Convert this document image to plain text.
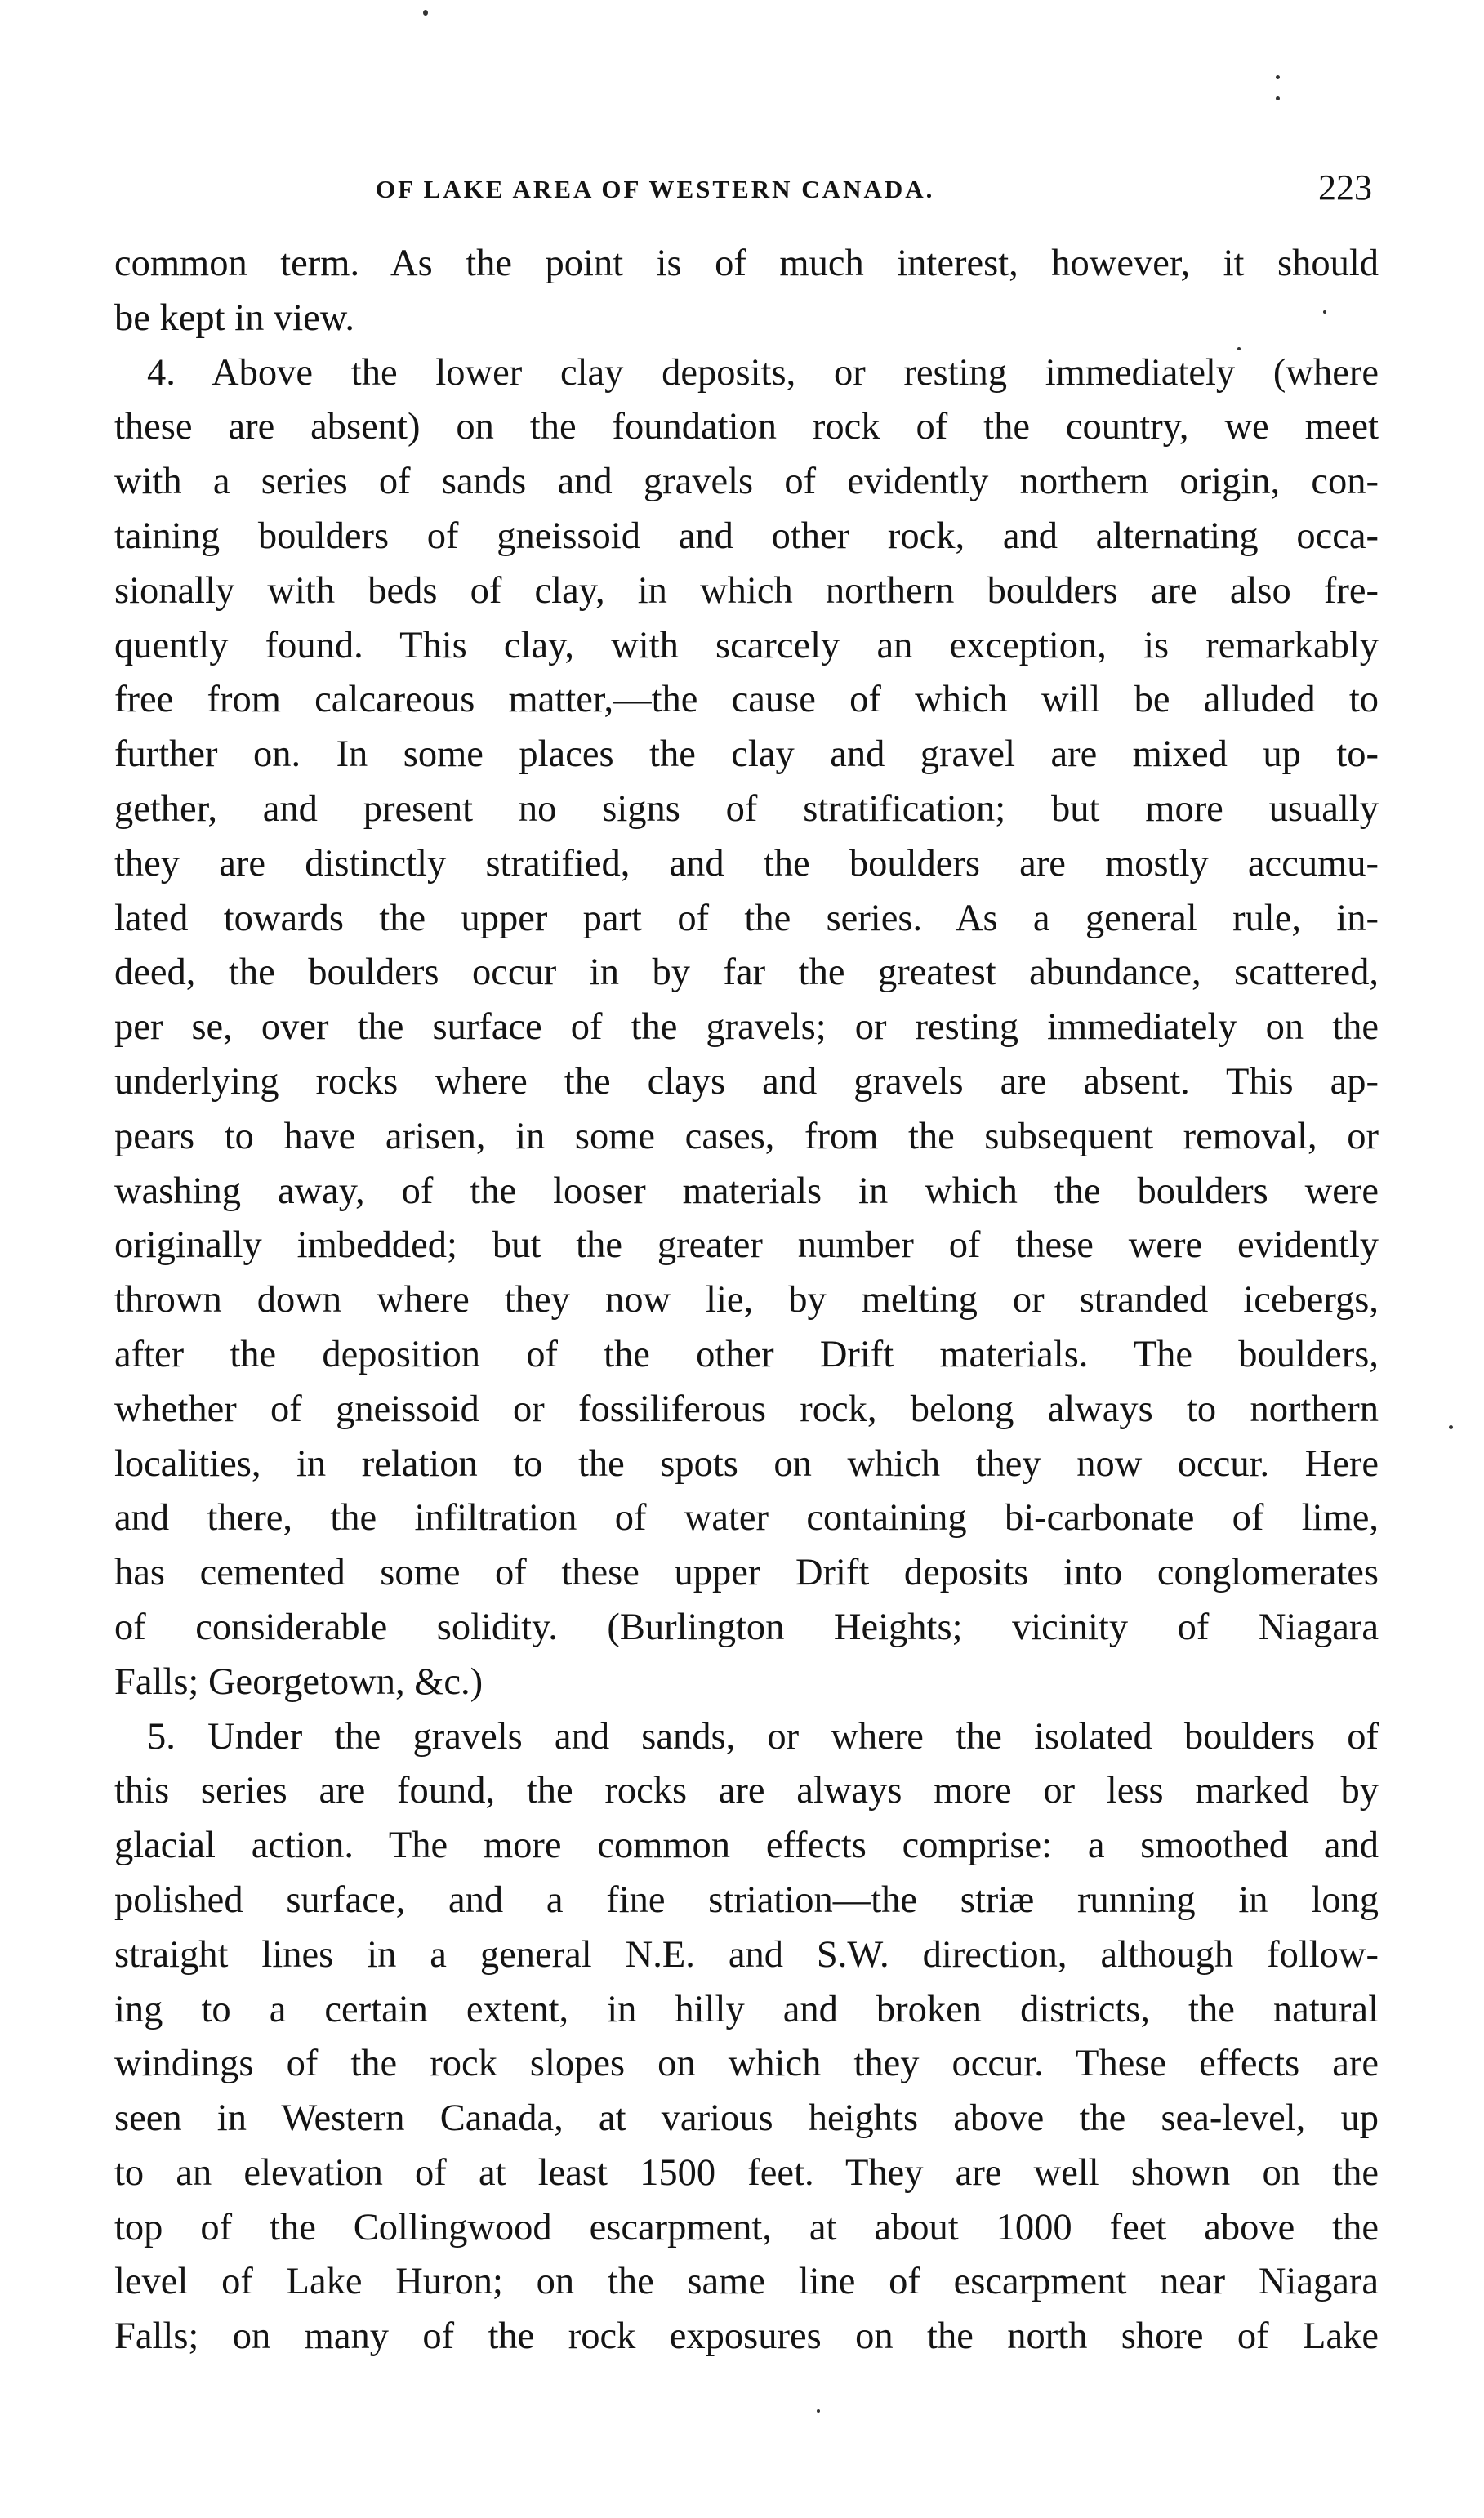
OF LAKE AREA OF WESTERN CANADA.	223
common term. As the point is of much interest, however, it should
be kept in view.
4. Above the lower clay deposits, or resting immediately (where
these are absent) on the foundation rock of the country, we meet
with a series of sands and gravels of evidently northern origin, con-
taining boulders of gneissoid and other rock, and alternating occa-
sionally with beds of clay, in which northern boulders are also fre-
quently found. This clay, with scarcely an exception, is remarkably
free from calcareous matter,—the cause of which will be alluded to
further on. In some places the clay and gravel are mixed up to-
gether, and present no signs of stratification; but more usually
they are distinctly stratified, and the boulders are mostly accumu-
lated towards the upper part of the series. As a general rule, in-
deed, the boulders occur in by far the greatest abundance, scattered,
per se, over the surface of the gravels; or resting immediately on the
underlying rocks where the clays and gravels are absent. This ap-
pears to have arisen, in some cases, from the subsequent removal, or
washing away, of the looser materials in which the boulders were
originally imbedded; but the greater number of these were evidently
thrown down where they now lie, by melting or stranded icebergs,
after the deposition of the other Drift materials. The boulders,
whether of gneissoid or fossiliferous rock, belong always to northern
localities, in relation to the spots on which they now occur. Here
and there, the infiltration of water containing bi-carbonate of lime,
has cemented some of these upper Drift deposits into conglomerates
of considerable solidity. (Burlington Heights; vicinity of Niagara
Falls; Georgetown, &c.)
5. Under the gravels and sands, or where the isolated boulders of
this series are found, the rocks are always more or less marked by
glacial action. The more common effects comprise: a smoothed and
polished surface, and a fine striation—the striæ running in long
straight lines in a general N.E. and S.W. direction, although follow-
ing to a certain extent, in hilly and broken districts, the natural
windings of the rock slopes on which they occur. These effects are
seen in Western Canada, at various heights above the sea-level, up
to an elevation of at least 1500 feet. They are well shown on the
top of the Collingwood escarpment, at about 1000 feet above the
level of Lake Huron; on the same line of escarpment near Niagara
Falls; on many of the rock exposures on the north shore of Lake
